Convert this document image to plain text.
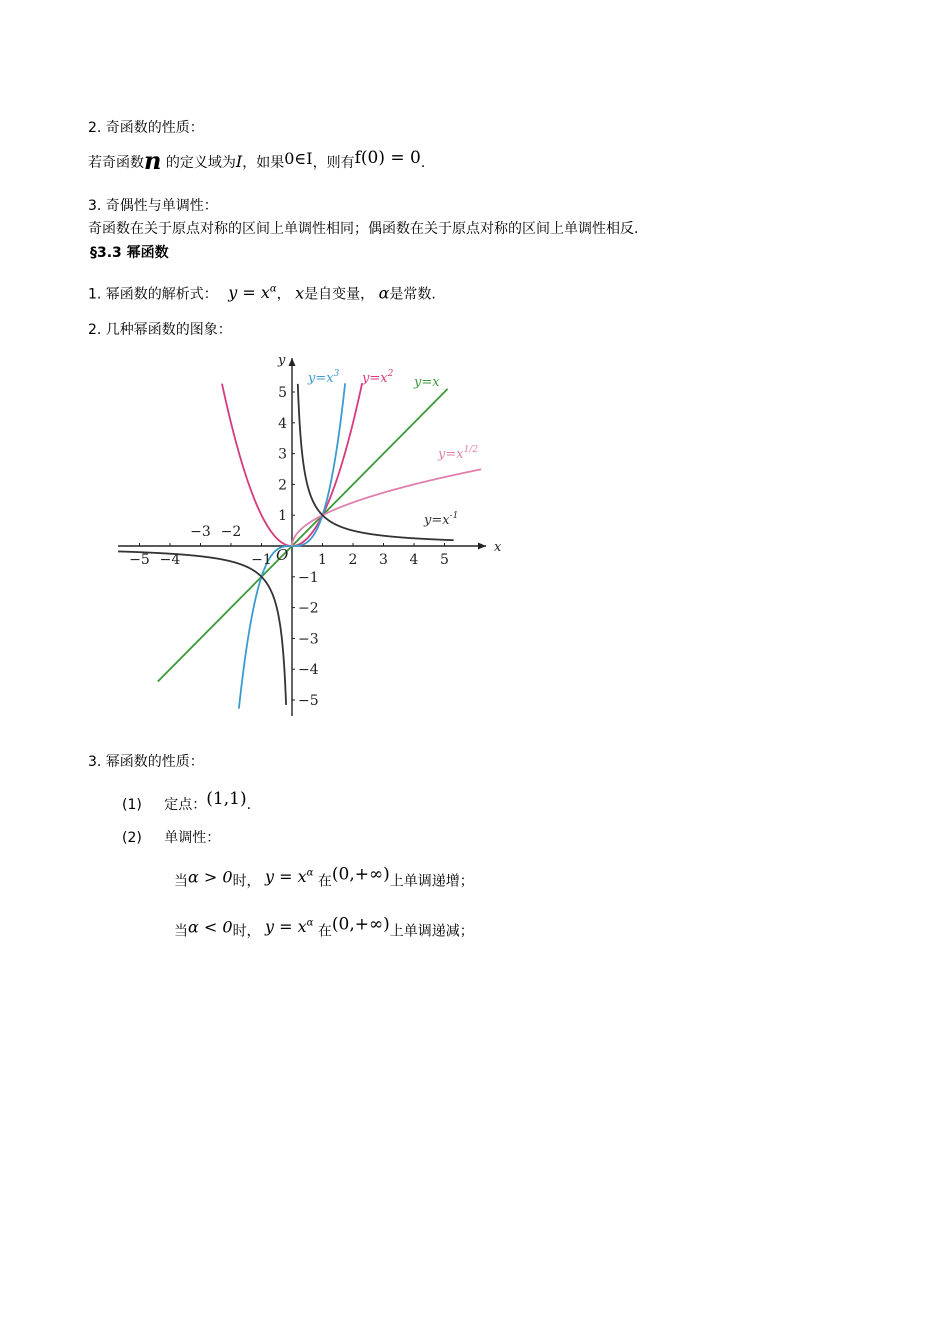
2. 奇函数的性质：
若奇函数n 的定义域为I，如果0∈I，则有f(0) = 0.
3. 奇偶性与单调性：
奇函数在关于原点对称的区间上单调性相同；偶函数在关于原点对称的区间上单调性相反.
§3.3 幂函数
1. 幂函数的解析式： $y = x^\alpha$， x是自变量， α是常数.
2. 几种幂函数的图象：
x
y
O
−5 −4
−3 −2
−1	1 2 3 4 5
−5
−4
−3
−2
−1
1
2
3
4
5
y=x
$y=x^2$
$y=x^3$
$y=x^{1/2}$
$y=x^{-1}$
3. 幂函数的性质：
(1) 定点：(1,1).
(2) 单调性：
当α > 0时， $y = x^\alpha$ 在(0,+∞)上单调递增；
当α < 0时， $y = x^\alpha$ 在(0,+∞)上单调递减；
